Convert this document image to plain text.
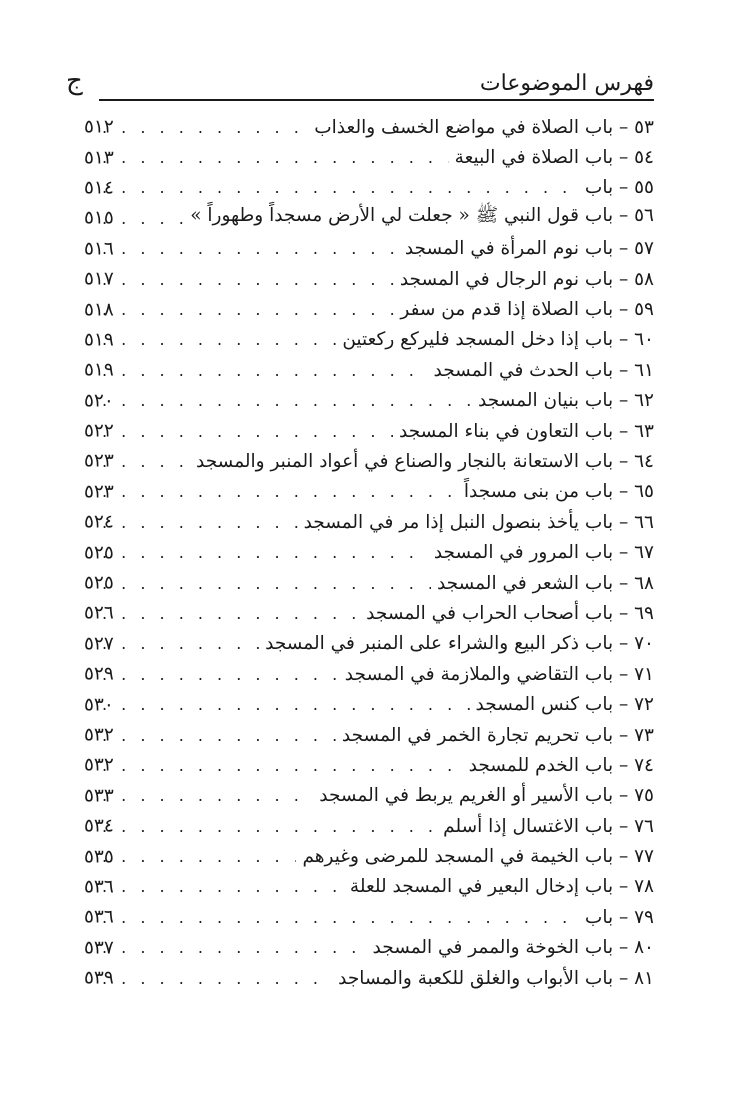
فهرس الموضوعات
ج
٥٣ – باب الصلاة في مواضع الخسف والعذاب
. . .
٥١٢
٥٤ – باب الصلاة في البيعة
. . .
٥١٣
٥٥ – باب
. . .
٥١٤
٥٦ – باب قول النبي ﷺ « جعلت لي الأرض مسجداً وطهوراً »
. . .
٥١٥
٥٧ – باب نوم المرأة في المسجد
. . .
٥١٦
٥٨ – باب نوم الرجال في المسجد
. . .
٥١٧
٥٩ – باب الصلاة إذا قدم من سفر
. . .
٥١٨
٦٠ – باب إذا دخل المسجد فليركع ركعتين
. . .
٥١٩
٦١ – باب الحدث في المسجد
. . .
٥١٩
٦٢ – باب بنيان المسجد
. . .
٥٢٠
٦٣ – باب التعاون في بناء المسجد
. . .
٥٢٢
٦٤ – باب الاستعانة بالنجار والصناع في أعواد المنبر والمسجد
. . .
٥٢٣
٦٥ – باب من بنى مسجداً
. . .
٥٢٣
٦٦ – باب يأخذ بنصول النبل إذا مر في المسجد
. . .
٥٢٤
٦٧ – باب المرور في المسجد
. . .
٥٢٥
٦٨ – باب الشعر في المسجد
. . .
٥٢٥
٦٩ – باب أصحاب الحراب في المسجد
. . .
٥٢٦
٧٠ – باب ذكر البيع والشراء على المنبر في المسجد
. . .
٥٢٧
٧١ – باب التقاضي والملازمة في المسجد
. . .
٥٢٩
٧٢ – باب كنس المسجد
. . .
٥٣٠
٧٣ – باب تحريم تجارة الخمر في المسجد
. . .
٥٣٢
٧٤ – باب الخدم للمسجد
. . .
٥٣٢
٧٥ – باب الأسير أو الغريم يربط في المسجد
. . .
٥٣٣
٧٦ – باب الاغتسال إذا أسلم
. . .
٥٣٤
٧٧ – باب الخيمة في المسجد للمرضى وغيرهم
. . .
٥٣٥
٧٨ – باب إدخال البعير في المسجد للعلة
. . .
٥٣٦
٧٩ – باب
. . .
٥٣٦
٨٠ – باب الخوخة والممر في المسجد
. . .
٥٣٧
٨١ – باب الأبواب والغلق للكعبة والمساجد
. . .
٥٣٩
